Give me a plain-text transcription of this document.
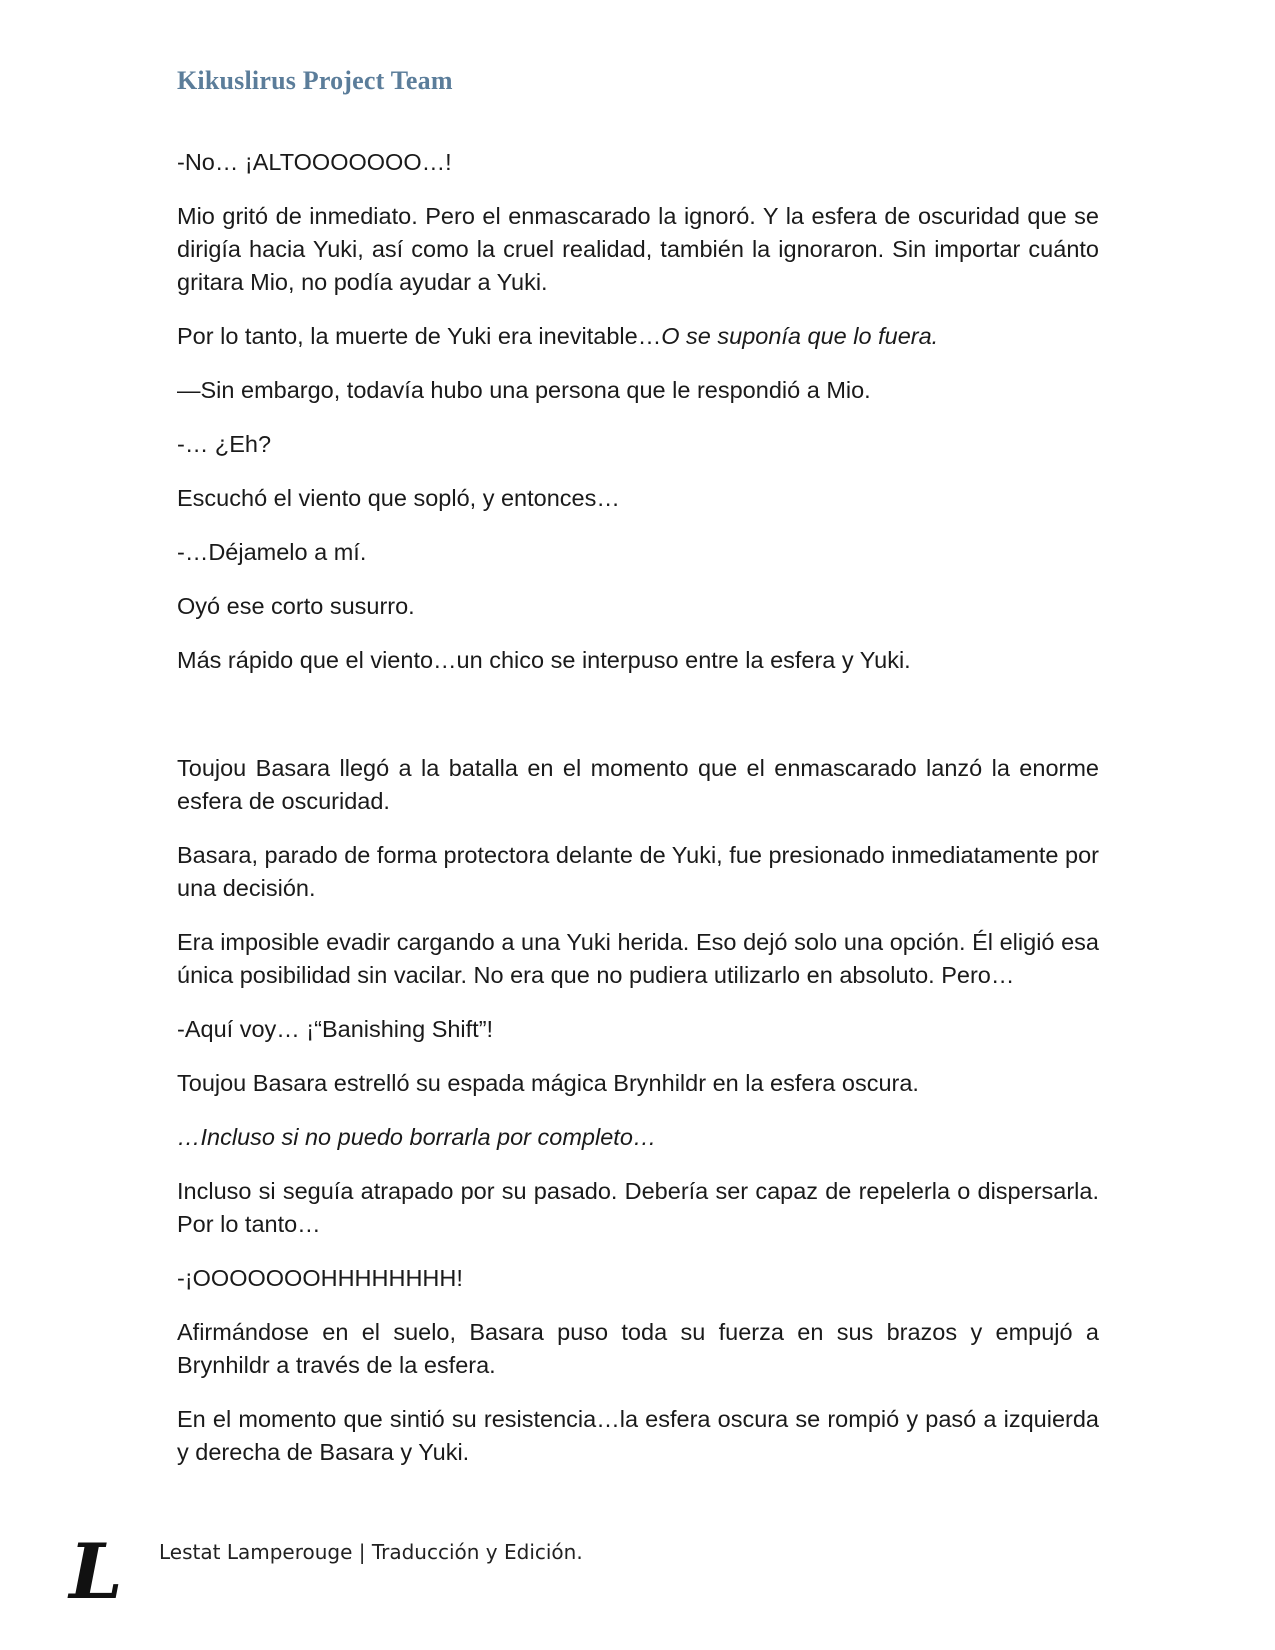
Kikuslirus Project Team

-No… ¡ALTOOOOOOO…!

Mio gritó de inmediato. Pero el enmascarado la ignoró. Y la esfera de oscuridad que se dirigía hacia Yuki, así como la cruel realidad, también la ignoraron. Sin importar cuánto gritara Mio, no podía ayudar a Yuki.

Por lo tanto, la muerte de Yuki era inevitable…O se suponía que lo fuera.

—Sin embargo, todavía hubo una persona que le respondió a Mio.

-… ¿Eh?

Escuchó el viento que sopló, y entonces…

-…Déjamelo a mí.

Oyó ese corto susurro.

Más rápido que el viento…un chico se interpuso entre la esfera y Yuki.

Toujou Basara llegó a la batalla en el momento que el enmascarado lanzó la enorme esfera de oscuridad.

Basara, parado de forma protectora delante de Yuki, fue presionado inmediatamente por una decisión.

Era imposible evadir cargando a una Yuki herida. Eso dejó solo una opción. Él eligió esa única posibilidad sin vacilar. No era que no pudiera utilizarlo en absoluto. Pero…

-Aquí voy… ¡“Banishing Shift”!

Toujou Basara estrelló su espada mágica Brynhildr en la esfera oscura.

…Incluso si no puedo borrarla por completo…

Incluso si seguía atrapado por su pasado. Debería ser capaz de repelerla o dispersarla. Por lo tanto…

-¡OOOOOOOHHHHHHHH!

Afirmándose en el suelo, Basara puso toda su fuerza en sus brazos y empujó a Brynhildr a través de la esfera.

En el momento que sintió su resistencia…la esfera oscura se rompió y pasó a izquierda y derecha de Basara y Yuki.

L Lestat Lamperouge | Traducción y Edición.
